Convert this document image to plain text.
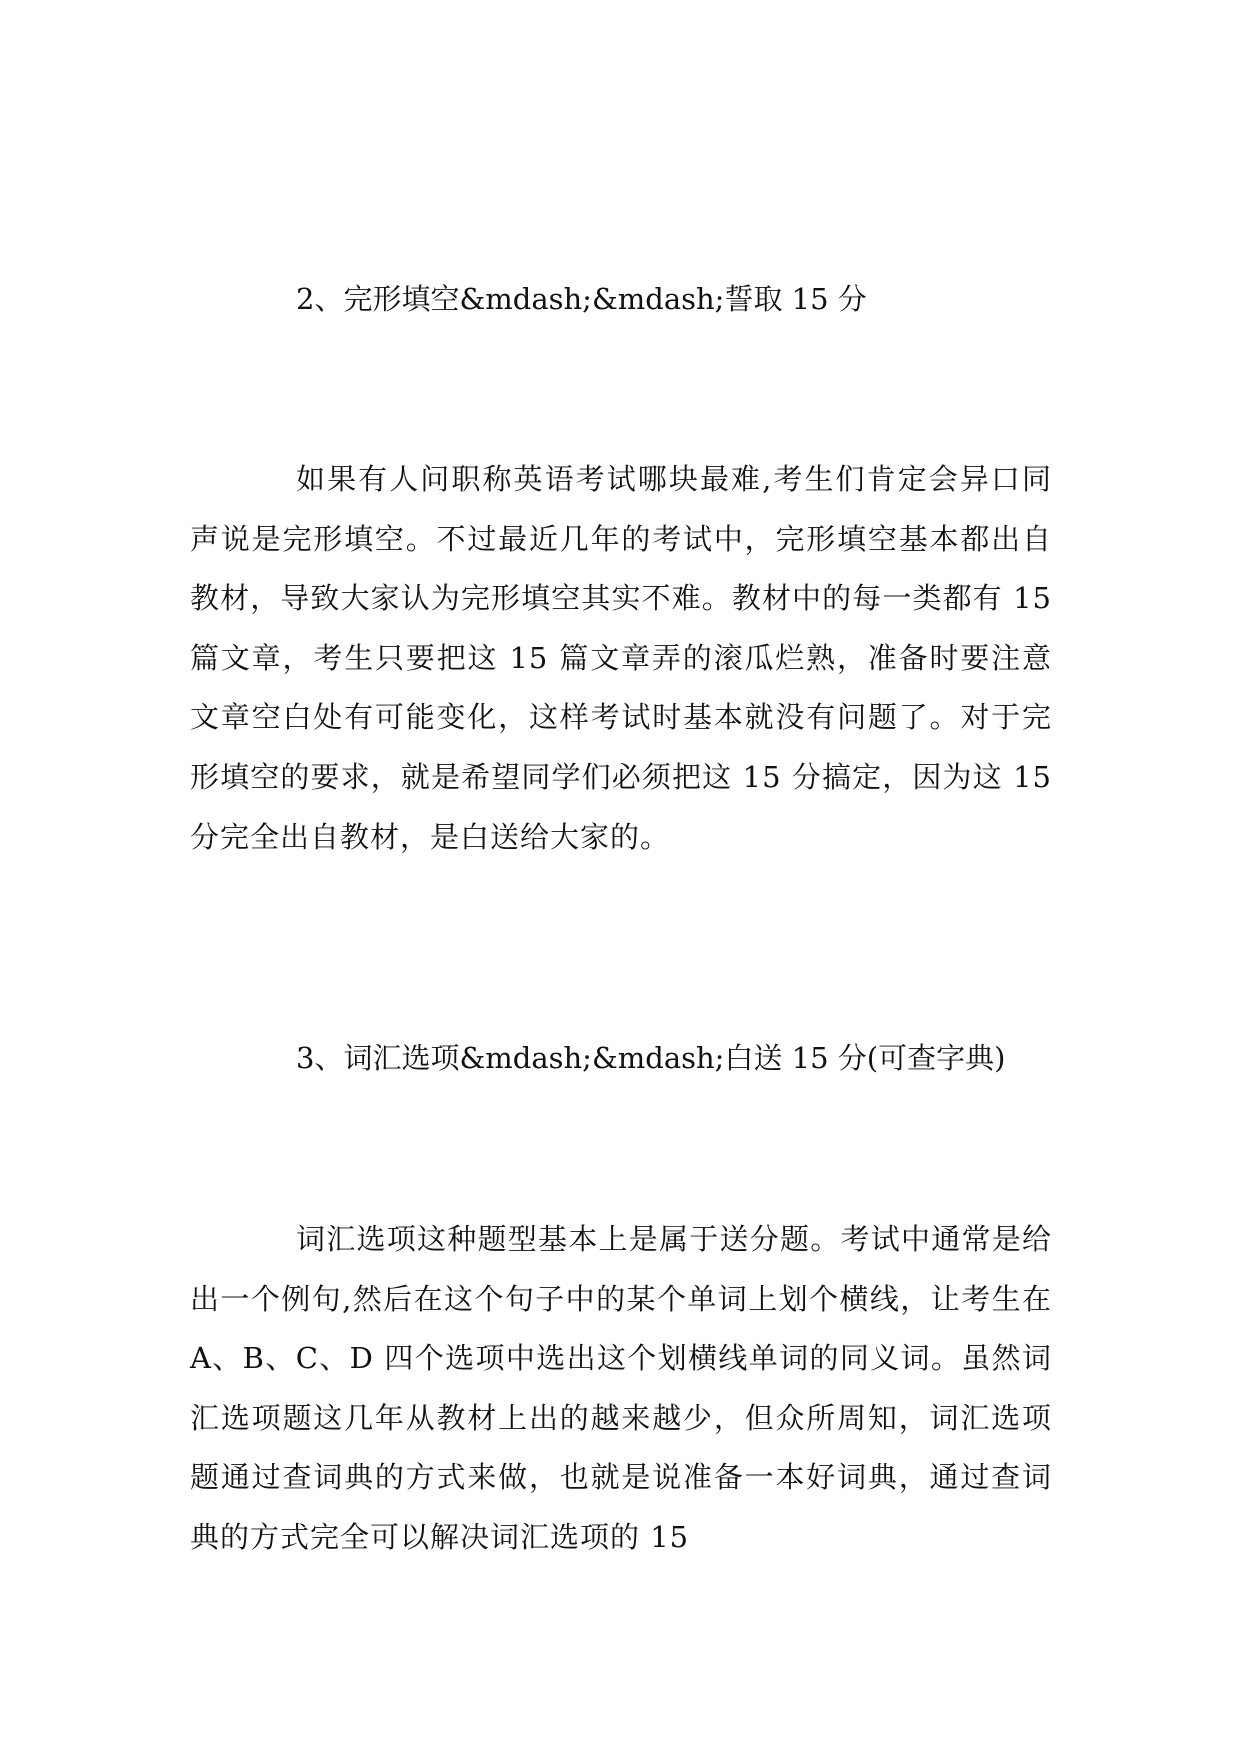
2、完形填空&mdash;&mdash;誓取 15 分

如果有人问职称英语考试哪块最难,考生们肯定会异口同声说是完形填空。不过最近几年的考试中，完形填空基本都出自教材，导致大家认为完形填空其实不难。教材中的每一类都有 15 篇文章，考生只要把这 15 篇文章弄的滚瓜烂熟，准备时要注意文章空白处有可能变化，这样考试时基本就没有问题了。对于完形填空的要求，就是希望同学们必须把这 15 分搞定，因为这 15 分完全出自教材，是白送给大家的。

3、词汇选项&mdash;&mdash;白送 15 分(可查字典)

词汇选项这种题型基本上是属于送分题。考试中通常是给出一个例句,然后在这个句子中的某个单词上划个横线，让考生在 A、B、C、D 四个选项中选出这个划横线单词的同义词。虽然词汇选项题这几年从教材上出的越来越少，但众所周知，词汇选项题通过查词典的方式来做，也就是说准备一本好词典，通过查词典的方式完全可以解决词汇选项的 15
